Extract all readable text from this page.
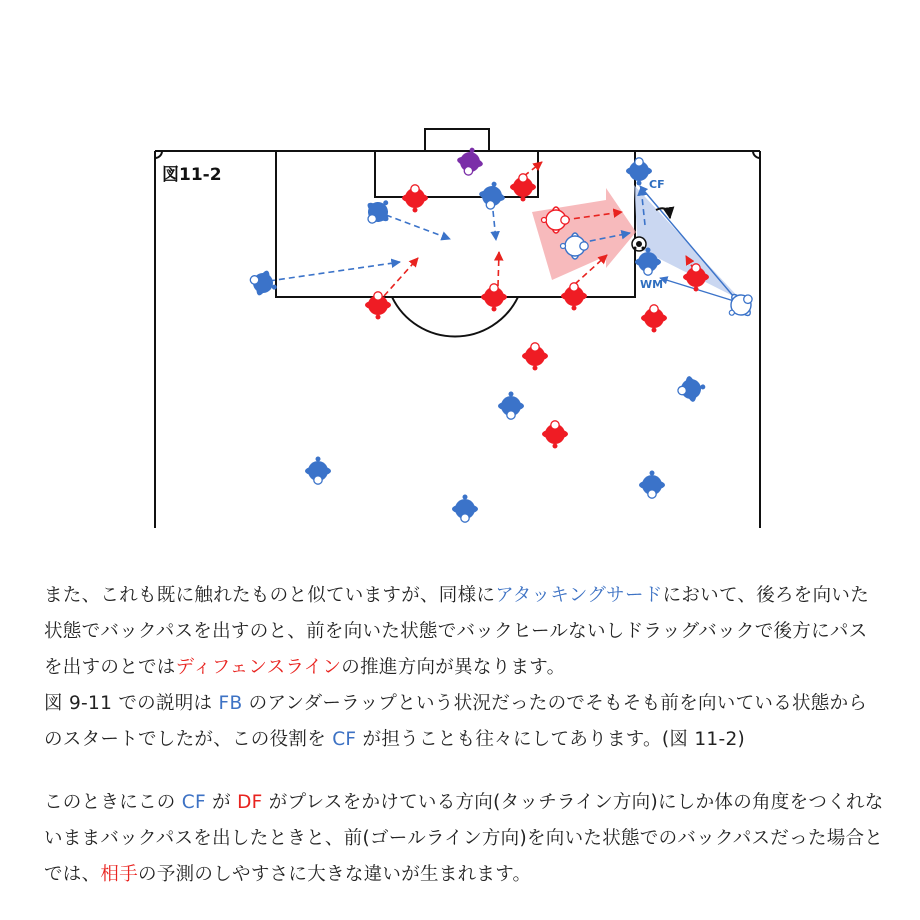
図11-2	CF
WM

また、これも既に触れたものと似ていますが、同様にアタッキングサードにおいて、後ろを向いた状態でバックパスを出すのと、前を向いた状態でバックヒールないしドラッグバックで後方にパスを出すのとではディフェンスラインの推進方向が異なります。

図 9-11 での説明は FB のアンダーラップという状況だったのでそもそも前を向いている状態からのスタートでしたが、この役割を CF が担うことも往々にしてあります。(図 11-2)

このときにこの CF が DF がプレスをかけている方向(タッチライン方向)にしか体の角度をつくれないままバックパスを出したときと、前(ゴールライン方向)を向いた状態でのバックパスだった場合とでは、相手の予測のしやすさに大きな違いが生まれます。
